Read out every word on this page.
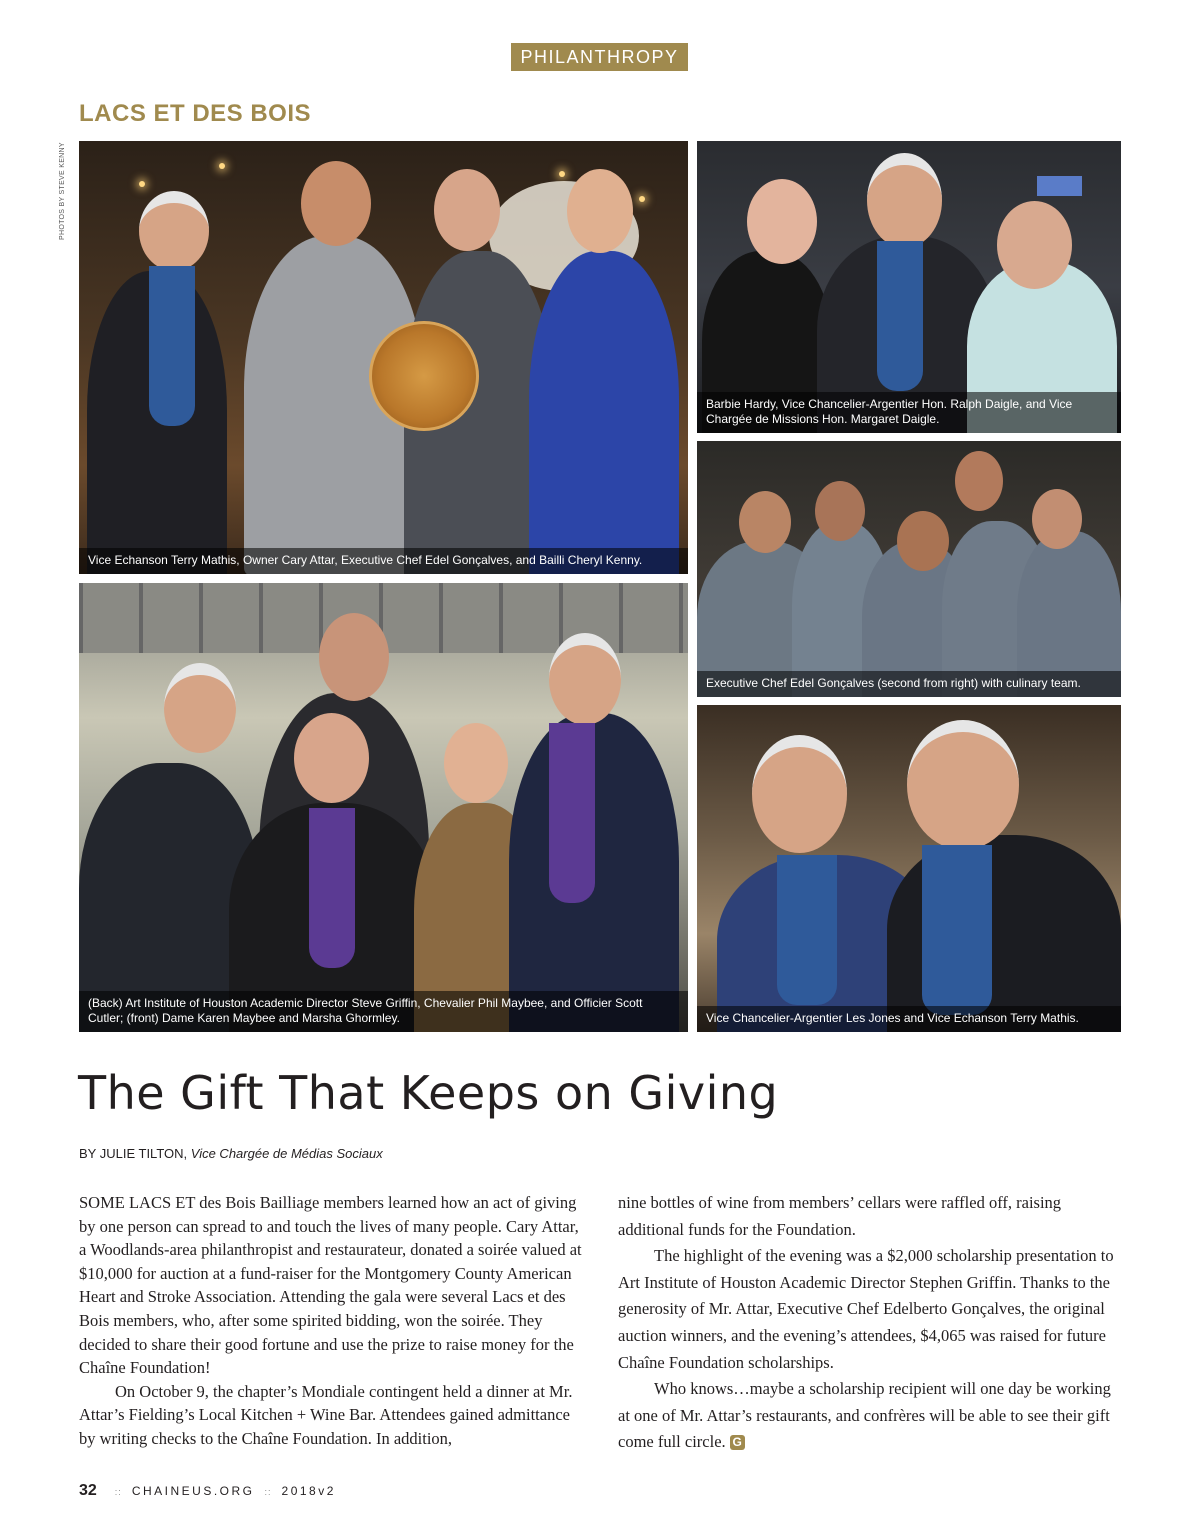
PHILANTHROPY
LACS ET DES BOIS
PHOTOS BY STEVE KENNY
Vice Echanson Terry Mathis, Owner Cary Attar, Executive Chef Edel Gonçalves, and Bailli Cheryl Kenny.
Barbie Hardy, Vice Chancelier-Argentier Hon. Ralph Daigle, and Vice Chargée de Missions Hon. Margaret Daigle.
Executive Chef Edel Gonçalves (second from right) with culinary team.
(Back) Art Institute of Houston Academic Director Steve Griffin, Chevalier Phil Maybee, and Officier Scott Cutler; (front) Dame Karen Maybee and Marsha Ghormley.	Vice Chancelier-Argentier Les Jones and Vice Echanson Terry Mathis.
The Gift That Keeps on Giving
BY JULIE TILTON, Vice Chargée de Médias Sociaux

SOME LACS ET des Bois Bailliage members learned how an act of giving by one person can spread to and touch the lives of many people. Cary Attar, a Woodlands-area philanthropist and restaurateur, donated a soirée valued at $10,000 for auction at a fund-raiser for the Montgomery County American Heart and Stroke Association. Attending the gala were several Lacs et des Bois members, who, after some spirited bidding, won the soirée. They decided to share their good fortune and use the prize to raise money for the Chaîne Foundation!

On October 9, the chapter’s Mondiale contingent held a dinner at Mr. Attar’s Fielding’s Local Kitchen + Wine Bar. Attendees gained admittance by writing checks to the Chaîne Foundation. In addition,

nine bottles of wine from members’ cellars were raffled off, raising additional funds for the Foundation.

The highlight of the evening was a $2,000 scholarship presentation to Art Institute of Houston Academic Director Stephen Griffin. Thanks to the generosity of Mr. Attar, Executive Chef Edelberto Gonçalves, the original auction winners, and the evening’s attendees, $4,065 was raised for future Chaîne Foundation scholarships.

Who knows…maybe a scholarship recipient will one day be working at one of Mr. Attar’s restaurants, and confrères will be able to see their gift come full circle. G

32 :: CHAINEUS.ORG :: 2018v2
